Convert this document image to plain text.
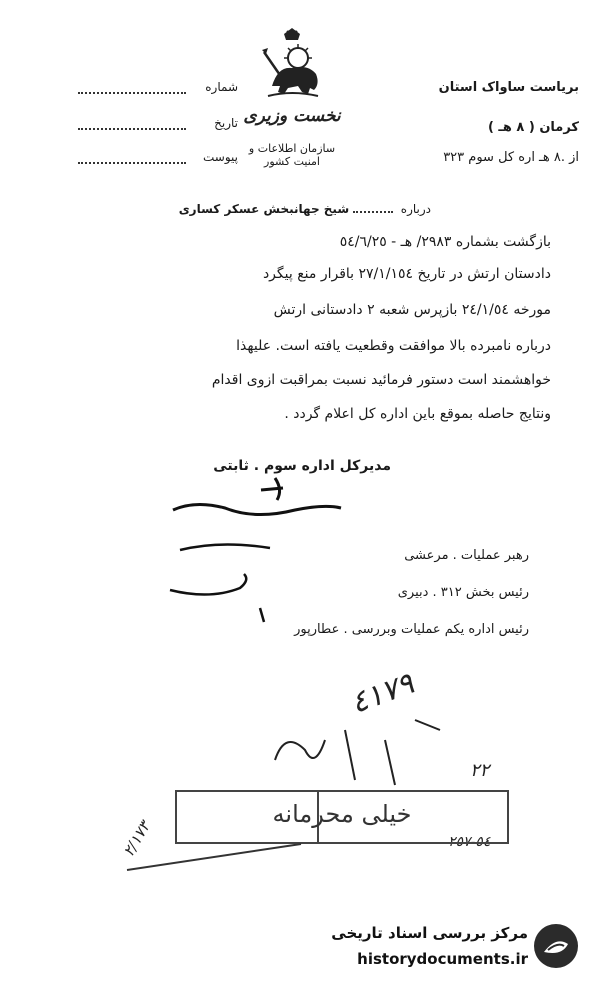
بریاست ساواک استان
کرمان ( ٨ هـ )
از .٨ هـ اره کل سوم ٣٢٣
شماره
تاریخ
پیوست
نخست وزیری
سازمان اطلاعات و امنیت کشور
درباره  شیخ جهانبخش عسکر کساری
بازگشت بشماره ٢٩٨٣/ هـ - ٥٤/٦/٢٥
دادستان ارتش در تاریخ ٢٧/١/١٥٤ باقرار منع پیگرد
مورخه ٢٤/١/٥٤ بازپرس شعبه ٢ دادستانی ارتش
درباره نامبرده بالا موافقت وقطعیت یافته است. علیهذا
خواهشمند است دستور فرمائید نسبت بمراقبت ازوی اقدام
ونتایج حاصله بموقع باین اداره کل اعلام گردد .
مدیرکل اداره سوم . ثابتی
رهبر عملیات . مرعشی
رئیس بخش ٣١٢ . دبیری
رئیس اداره یکم عملیات وبررسی . عطارپور
٤١٧٩
٢٢
٥٤-٢٥٧
٢/١٧٣
خیلی محرمانه
مرکز بررسی اسناد تاریخی
historydocuments.ir
